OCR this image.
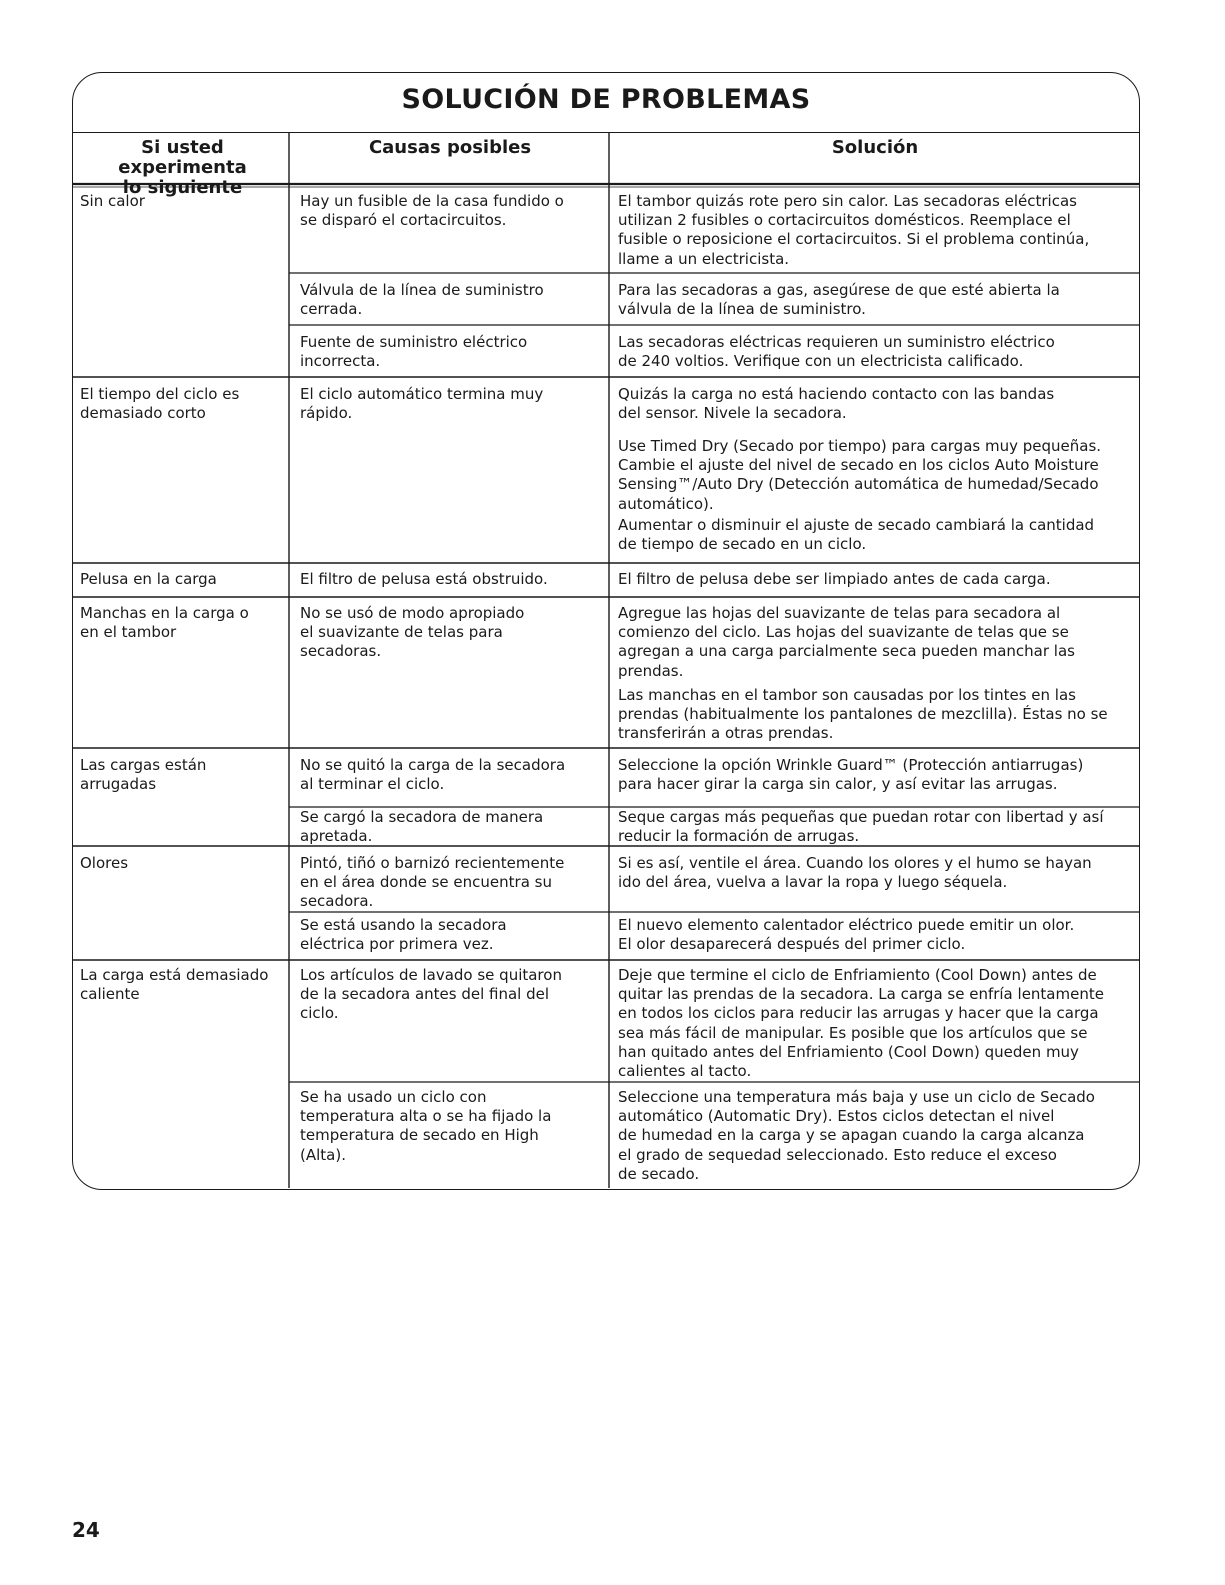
SOLUCIÓN DE PROBLEMAS
Si usted experimenta
lo siguiente
Causas posibles	Solución
Sin calor
El tiempo del ciclo es
demasiado corto
Pelusa en la carga
Manchas en la carga o
en el tambor
Las cargas están
arrugadas
Olores
La carga está demasiado
caliente
Hay un fusible de la casa fundido o
se disparó el cortacircuitos.
Válvula de la línea de suministro
cerrada.
Fuente de suministro eléctrico
incorrecta.
El ciclo automático termina muy
rápido.
El filtro de pelusa está obstruido.
No se usó de modo apropiado
el suavizante de telas para
secadoras.
No se quitó la carga de la secadora
al terminar el ciclo.
Se cargó la secadora de manera
apretada.
Pintó, tiñó o barnizó recientemente
en el área donde se encuentra su
secadora.
Se está usando la secadora
eléctrica por primera vez.
Los artículos de lavado se quitaron
de la secadora antes del final del
ciclo.
Se ha usado un ciclo con
temperatura alta o se ha fijado la
temperatura de secado en High
(Alta).
El tambor quizás rote pero sin calor. Las secadoras eléctricas
utilizan 2 fusibles o cortacircuitos domésticos. Reemplace el
fusible o reposicione el cortacircuitos. Si el problema continúa,
llame a un electricista.
Para las secadoras a gas, asegúrese de que esté abierta la
válvula de la línea de suministro.
Las secadoras eléctricas requieren un suministro eléctrico
de 240 voltios. Verifique con un electricista calificado.
Quizás la carga no está haciendo contacto con las bandas
del sensor. Nivele la secadora.
Use Timed Dry (Secado por tiempo) para cargas muy pequeñas.
Cambie el ajuste del nivel de secado en los ciclos Auto Moisture
Sensing™/Auto Dry (Detección automática de humedad/Secado
automático).
Aumentar o disminuir el ajuste de secado cambiará la cantidad
de tiempo de secado en un ciclo.
El filtro de pelusa debe ser limpiado antes de cada carga.
Agregue las hojas del suavizante de telas para secadora al
comienzo del ciclo. Las hojas del suavizante de telas que se
agregan a una carga parcialmente seca pueden manchar las
prendas.
Las manchas en el tambor son causadas por los tintes en las
prendas (habitualmente los pantalones de mezclilla). Éstas no se
transferirán a otras prendas.
Seleccione la opción Wrinkle Guard™ (Protección antiarrugas)
para hacer girar la carga sin calor, y así evitar las arrugas.
Seque cargas más pequeñas que puedan rotar con libertad y así
reducir la formación de arrugas.
Si es así, ventile el área. Cuando los olores y el humo se hayan
ido del área, vuelva a lavar la ropa y luego séquela.
El nuevo elemento calentador eléctrico puede emitir un olor.
El olor desaparecerá después del primer ciclo.
Deje que termine el ciclo de Enfriamiento (Cool Down) antes de
quitar las prendas de la secadora. La carga se enfría lentamente
en todos los ciclos para reducir las arrugas y hacer que la carga
sea más fácil de manipular. Es posible que los artículos que se
han quitado antes del Enfriamiento (Cool Down) queden muy
calientes al tacto.
Seleccione una temperatura más baja y use un ciclo de Secado
automático (Automatic Dry). Estos ciclos detectan el nivel
de humedad en la carga y se apagan cuando la carga alcanza
el grado de sequedad seleccionado. Esto reduce el exceso
de secado.
24
